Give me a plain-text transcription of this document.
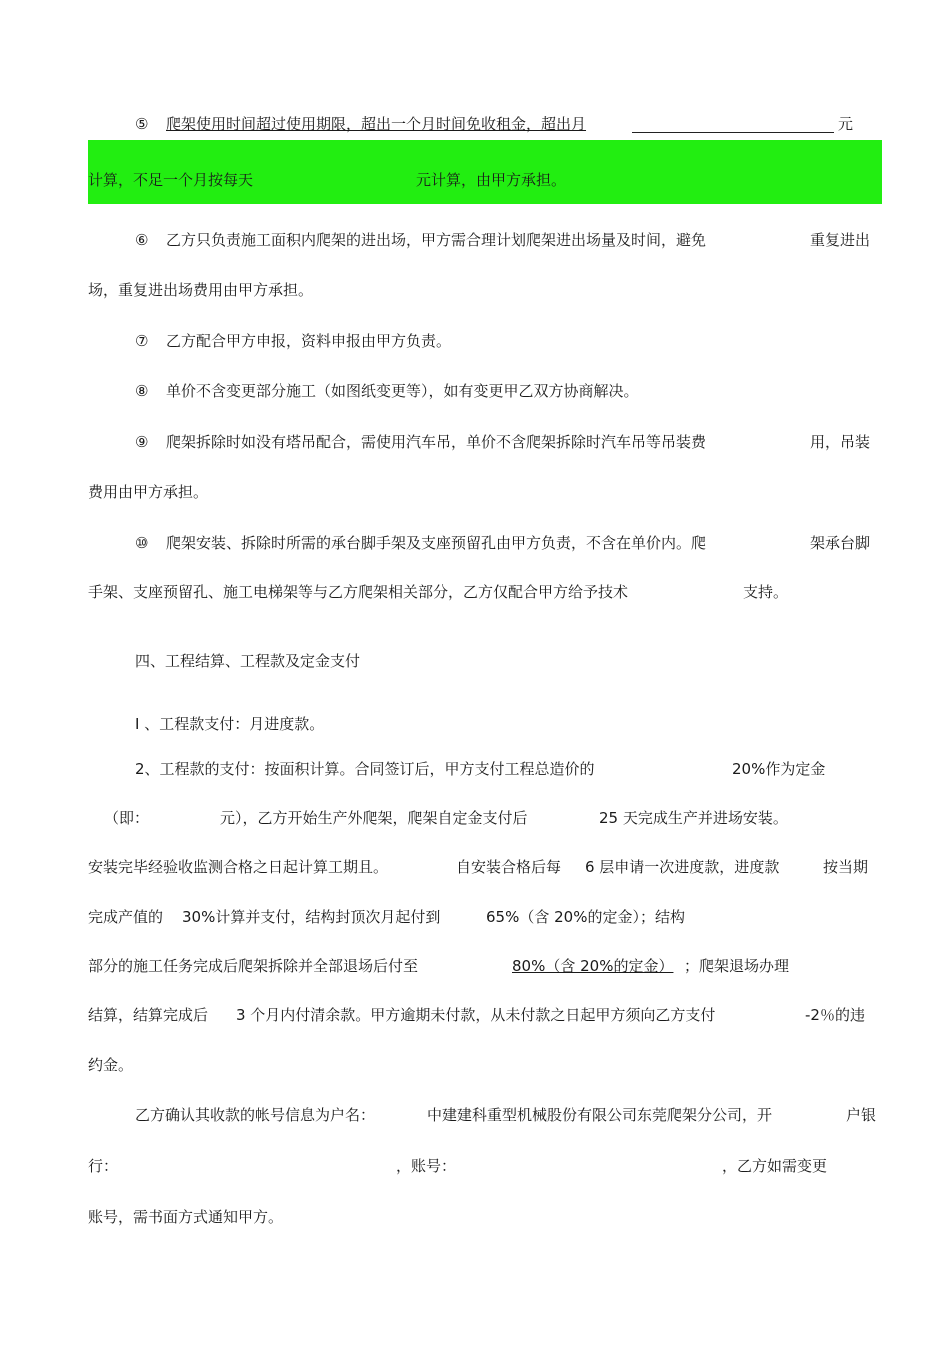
⑤ 爬架使用时间超过使用期限，超出一个月时间免收租金，超出月	元
计算，不足一个月按每天	元计算，由甲方承担。
⑥ 乙方只负责施工面积内爬架的进出场，甲方需合理计划爬架进出场量及时间，避免	重复进出
场，重复进出场费用由甲方承担。
⑦ 乙方配合甲方申报，资料申报由甲方负责。
⑧ 单价不含变更部分施工（如图纸变更等），如有变更甲乙双方协商解决。
⑨ 爬架拆除时如没有塔吊配合，需使用汽车吊，单价不含爬架拆除时汽车吊等吊装费	用，吊装
费用由甲方承担。
⑩ 爬架安装、拆除时所需的承台脚手架及支座预留孔由甲方负责，不含在单价内。爬	架承台脚
手架、支座预留孔、施工电梯架等与乙方爬架相关部分，乙方仅配合甲方给予技术	支持。
四、工程结算、工程款及定金支付
I 、工程款支付：月进度款。
2、工程款的支付：按面积计算。合同签订后，甲方支付工程总造价的	20%作为定金
（即：	元），乙方开始生产外爬架，爬架自定金支付后	25 天完成生产并进场安装。
安装完毕经验收监测合格之日起计算工期且。	自安装合格后每 6 层申请一次进度款，进度款	按当期
完成产值的 30%计算并支付，结构封顶次月起付到	65%（含 20%的定金）；结构
部分的施工任务完成后爬架拆除并全部退场后付至	80%（含 20%的定金） ；爬架退场办理
结算，结算完成后 3 个月内付清余款。甲方逾期未付款，从未付款之日起甲方须向乙方支付	-2％的违
约金。
乙方确认其收款的帐号信息为户名：	中建建科重型机械股份有限公司东莞爬架分公司，开	户银
行：	，账号：	，乙方如需变更
账号，需书面方式通知甲方。
